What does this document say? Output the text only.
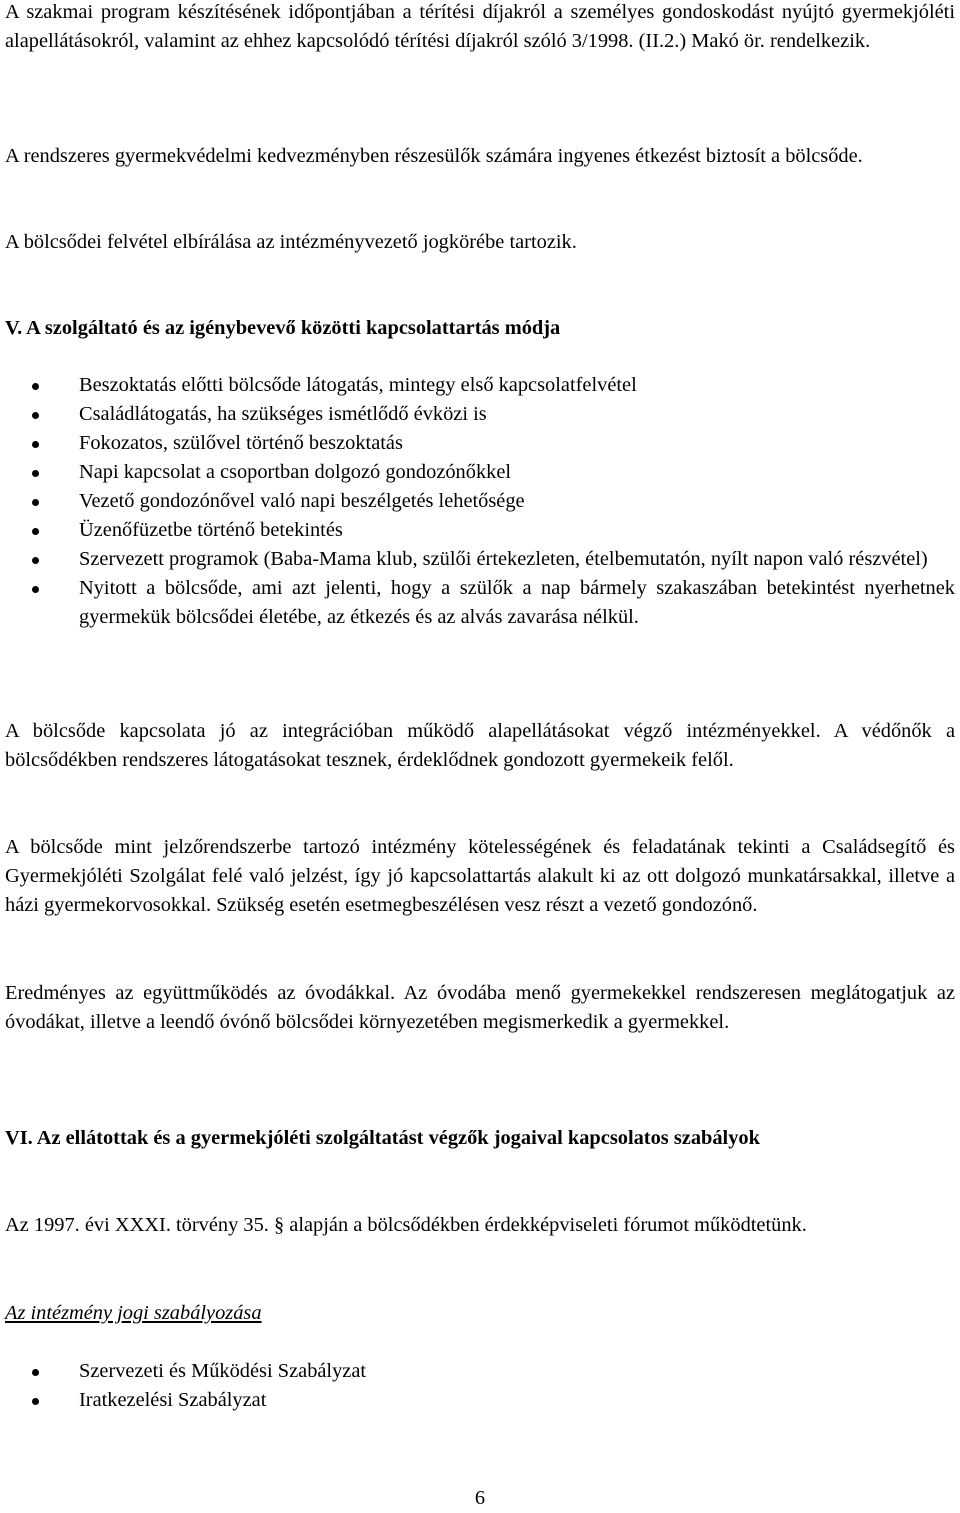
A szakmai program készítésének időpontjában a térítési díjakról a személyes gondoskodást nyújtó gyermekjóléti alapellátásokról, valamint az ehhez kapcsolódó térítési díjakról szóló 3/1998. (II.2.) Makó ör. rendelkezik.

A rendszeres gyermekvédelmi kedvezményben részesülők számára ingyenes étkezést biztosít a bölcsőde.

A bölcsődei felvétel elbírálása az intézményvezető jogkörébe tartozik.

V. A szolgáltató és az igénybevevő közötti kapcsolattartás módja

Beszoktatás előtti bölcsőde látogatás, mintegy első kapcsolatfelvétel
Családlátogatás, ha szükséges ismétlődő évközi is
Fokozatos, szülővel történő beszoktatás
Napi kapcsolat a csoportban dolgozó gondozónőkkel
Vezető gondozónővel való napi beszélgetés lehetősége
Üzenőfüzetbe történő betekintés
Szervezett programok (Baba-Mama klub, szülői értekezleten, ételbemutatón, nyílt napon való részvétel)
Nyitott a bölcsőde, ami azt jelenti, hogy a szülők a nap bármely szakaszában betekintést nyerhetnek gyermekük bölcsődei életébe, az étkezés és az alvás zavarása nélkül.

A bölcsőde kapcsolata jó az integrációban működő alapellátásokat végző intézményekkel. A védőnők a bölcsődékben rendszeres látogatásokat tesznek, érdeklődnek gondozott gyermekeik felől.

A bölcsőde mint jelzőrendszerbe tartozó intézmény kötelességének és feladatának tekinti a Családsegítő és Gyermekjóléti Szolgálat felé való jelzést, így jó kapcsolattartás alakult ki az ott dolgozó munkatársakkal, illetve a házi gyermekorvosokkal. Szükség esetén esetmegbeszélésen vesz részt a vezető gondozónő.

Eredményes az együttműködés az óvodákkal. Az óvodába menő gyermekekkel rendszeresen meglátogatjuk az óvodákat, illetve a leendő óvónő bölcsődei környezetében megismerkedik a gyermekkel.

VI. Az ellátottak és a gyermekjóléti szolgáltatást végzők jogaival kapcsolatos szabályok

Az 1997. évi XXXI. törvény 35. § alapján a bölcsődékben érdekképviseleti fórumot működtetünk.

Az intézmény jogi szabályozása

Szervezeti és Működési Szabályzat
Iratkezelési Szabályzat
6
